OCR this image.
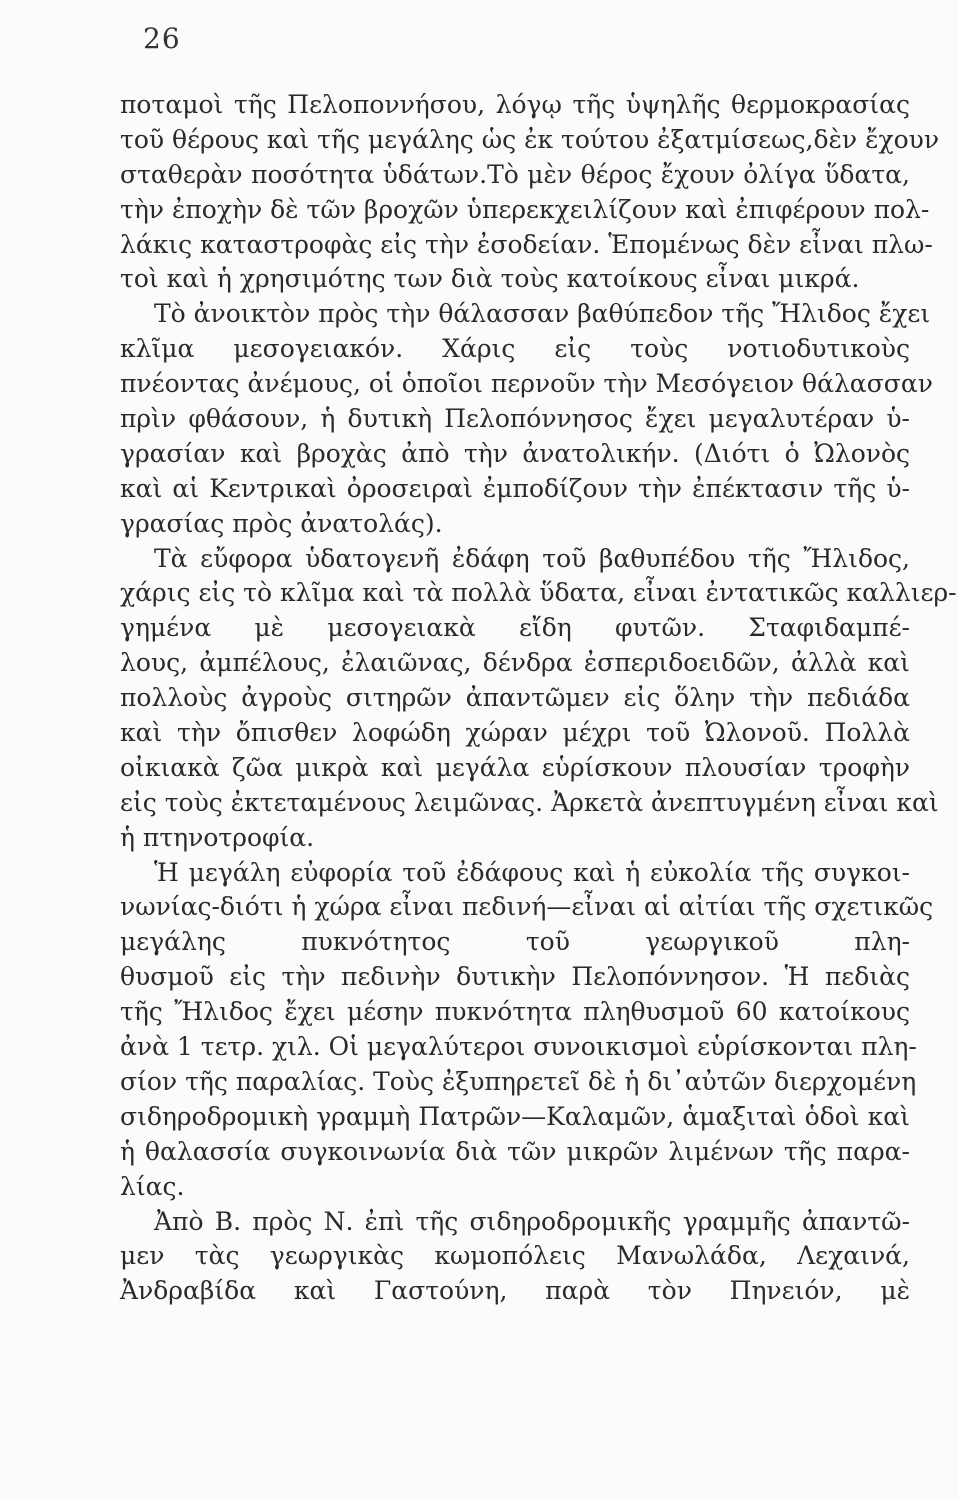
26
ποταμοὶ τῆς Πελοποννήσου, λόγῳ τῆς ὑψηλῆς θερμοκρασίας
τοῦ θέρους καὶ τῆς μεγάλης ὡς ἐκ τούτου ἐξατμίσεως,δὲν ἔχουν
σταθερὰν ποσότητα ὑδάτων.Τὸ μὲν θέρος ἔχουν ὀλίγα ὕδατα,
τὴν ἐποχὴν δὲ τῶν βροχῶν ὑπερεκχειλίζουν καὶ ἐπιφέρουν πολ-
λάκις καταστροφὰς εἰς τὴν ἐσοδείαν. Ἑπομένως δὲν εἶναι πλω-
τοὶ καὶ ἡ χρησιμότης των διὰ τοὺς κατοίκους εἶναι μικρά.
Τὸ ἀνοικτὸν πρὸς τὴν θάλασσαν βαθύπεδον τῆς Ἤλιδος ἔχει
κλῖμα μεσογειακόν. Χάρις εἰς τοὺς νοτιοδυτικοὺς
πνέοντας ἀνέμους, οἱ ὁποῖοι περνοῦν τὴν Μεσόγειον θάλασσαν
πρὶν φθάσουν, ἡ δυτικὴ Πελοπόννησος ἔχει μεγαλυτέραν ὑ-
γρασίαν καὶ βροχὰς ἀπὸ τὴν ἀνατολικήν. (Διότι ὁ Ὠλονὸς
καὶ αἱ Κεντρικαὶ ὀροσειραὶ ἐμποδίζουν τὴν ἐπέκτασιν τῆς ὑ-
γρασίας πρὸς ἀνατολάς).
Τὰ εὔφορα ὑδατογενῆ ἐδάφη τοῦ βαθυπέδου τῆς Ἤλιδος,
χάρις εἰς τὸ κλῖμα καὶ τὰ πολλὰ ὕδατα, εἶναι ἐντατικῶς καλλιερ-
γημένα μὲ μεσογειακὰ εἴδη φυτῶν. Σταφιδαμπέ-
λους, ἀμπέλους, ἐλαιῶνας, δένδρα ἐσπεριδοειδῶν, ἀλλὰ καὶ
πολλοὺς ἀγροὺς σιτηρῶν ἀπαντῶμεν εἰς ὅλην τὴν πεδιάδα
καὶ τὴν ὄπισθεν λοφώδη χώραν μέχρι τοῦ Ὠλονοῦ. Πολλὰ
οἰκιακὰ ζῶα μικρὰ καὶ μεγάλα εὑρίσκουν πλουσίαν τροφὴν
εἰς τοὺς ἐκτεταμένους λειμῶνας. Ἀρκετὰ ἀνεπτυγμένη εἶναι καὶ
ἡ πτηνοτροφία.
Ἡ μεγάλη εὐφορία τοῦ ἐδάφους καὶ ἡ εὐκολία τῆς συγκοι-
νωνίας-διότι ἡ χώρα εἶναι πεδινή—εἶναι αἱ αἰτίαι τῆς σχετικῶς
μεγάλης πυκνότητος τοῦ γεωργικοῦ πλη-
θυσμοῦ εἰς τὴν πεδινὴν δυτικὴν Πελοπόννησον. Ἡ πεδιὰς
τῆς Ἤλιδος ἔχει μέσην πυκνότητα πληθυσμοῦ 60 κατοίκους
ἀνὰ 1 τετρ. χιλ. Οἱ μεγαλύτεροι συνοικισμοὶ εὑρίσκονται πλη-
σίον τῆς παραλίας. Τοὺς ἐξυπηρετεῖ δὲ ἡ δι᾿αὐτῶν διερχομένη
σιδηροδρομικὴ γραμμὴ Πατρῶν—Καλαμῶν, ἁμαξιταὶ ὁδοὶ καὶ
ἡ θαλασσία συγκοινωνία διὰ τῶν μικρῶν λιμένων τῆς παρα-
λίας.
Ἀπὸ Β. πρὸς Ν. ἐπὶ τῆς σιδηροδρομικῆς γραμμῆς ἀπαντῶ-
μεν τὰς γεωργικὰς κωμοπόλεις Μανωλάδα, Λεχαινά,
Ἀνδραβίδα καὶ Γαστούνη, παρὰ τὸν Πηνειόν, μὲ
